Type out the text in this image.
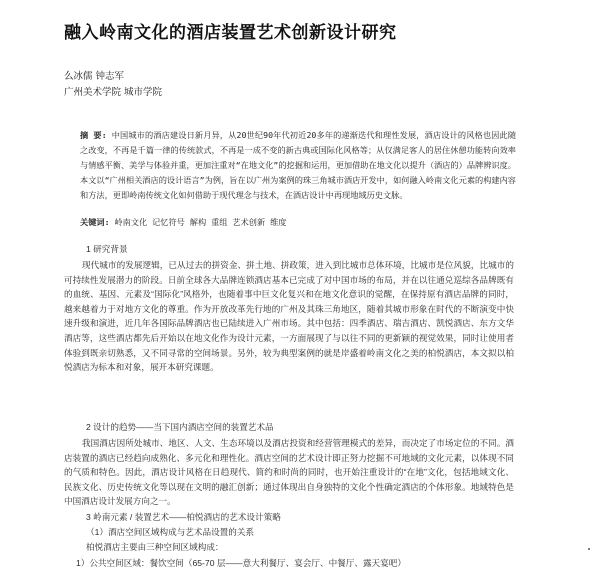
融入岭南文化的酒店装置艺术创新设计研究
么冰儒 钟志军
广州美术学院 城市学院

摘 要: 中国城市的酒店建设日新月异，从20世纪90年代初近20多年的递渐迭代和理性发展，酒店设计的风格也因此随之改变，不再是千篇一律的传统款式，不再是一成不变的新古典或国际化风格等；从仅满足客人的居住休憩功能转向效率与情感平衡、美学与体验并重，更加注重对“在地文化”的挖掘和运用，更加借助在地文化以提升（酒店的）品牌辨识度。本文以“广州相关酒店的设计语言”为例，旨在以广州为案例的珠三角城市酒店开发中，如何融入岭南文化元素的构建内容和方法，更即岭南传统文化如何借助于现代理念与技术，在酒店设计中再现地域历史文脉。

关键词: 岭南文化 记忆符号 解构 重组 艺术创新 维度
1 研究背景

现代城市的发展逻辑，已从过去的拼资金、拼土地、拼政策，进入到比城市总体环境，比城市是位风貌，比城市的可持续性发展潜力的阶段。日前全球各大品牌连锁酒店基本已完成了对中国市场的布局，并在以往通兑巡综各品牌既有的血统、基因、元素及“国际化”风格外，也随着事中巨文化复兴和在地文化意识的觉醒，在保持原有酒店品牌的同时，越来越着力于对地方文化的尊重。作为开放改革先行地的广州及其珠三角地区，随着其城市形象在时代的不断演变中快速升级和演进，近几年各国际品牌酒店也已陆续进入广州市场。其中包括：四季酒店、瑞吉酒店、凯悦酒店、东方文华酒店等，这些酒店都先后开始以在地文化作为设计元素，一方面展现了与以往不同的更新颖的视觉效果，同时让使用者体验到既亲切熟悉，又不同寻常的空间场景。另外，较为典型案例的就是岸盛着岭南文化之美的柏悦酒店，本文拟以柏悦酒店为标本和对象，展开本研究课题。

2 设计的趋势——当下国内酒店空间的装置艺术品

我国酒店因所处城市、地区、人文、生态环境以及酒店投资和经营管理模式的差异，而决定了市场定位的不同。酒店装置的酒店已经趋向成熟化、多元化和理性化。酒店空间的艺术设计即正努力挖掘不可地域的文化元素，以体现不同的气质和特色。因此，酒店设计风格在日趋现代、简约和时尚的同时，也开始注重设计的“在地”文化，包括地域文化、民族文化、历史传统文化等以现在文明的融汇创新；通过体现出自身独特的文化个性确定酒店的个体形象。地域特色是中国酒店设计发展方向之一。

3 岭南元素 / 装置艺术——柏悦酒店的艺术设计策略

（1）酒店空间区域构成与艺术品设置的关系

柏悦酒店主要由三种空间区域构成：

1）公共空间区域：餐饮空间（65-70 层——意大利餐厅、宴会厅、中餐厅、露天宴吧）
